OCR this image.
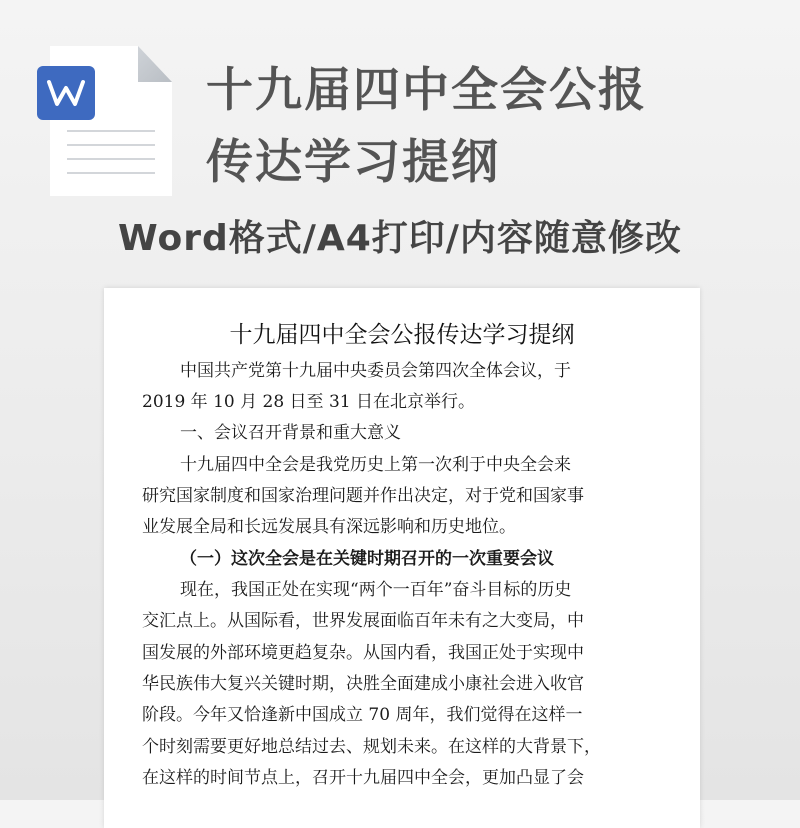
十九届四中全会公报
传达学习提纲
Word格式/A4打印/内容随意修改
十九届四中全会公报传达学习提纲
中国共产党第十九届中央委员会第四次全体会议，于
2019 年 10 月 28 日至 31 日在北京举行。
一、会议召开背景和重大意义
十九届四中全会是我党历史上第一次利于中央全会来
研究国家制度和国家治理问题并作出决定，对于党和国家事
业发展全局和长远发展具有深远影响和历史地位。
（一）这次全会是在关键时期召开的一次重要会议
现在，我国正处在实现“两个一百年”奋斗目标的历史
交汇点上。从国际看，世界发展面临百年未有之大变局，中
国发展的外部环境更趋复杂。从国内看，我国正处于实现中
华民族伟大复兴关键时期，决胜全面建成小康社会进入收官
阶段。今年又恰逢新中国成立 70 周年，我们觉得在这样一
个时刻需要更好地总结过去、规划未来。在这样的大背景下，
在这样的时间节点上，召开十九届四中全会，更加凸显了会
